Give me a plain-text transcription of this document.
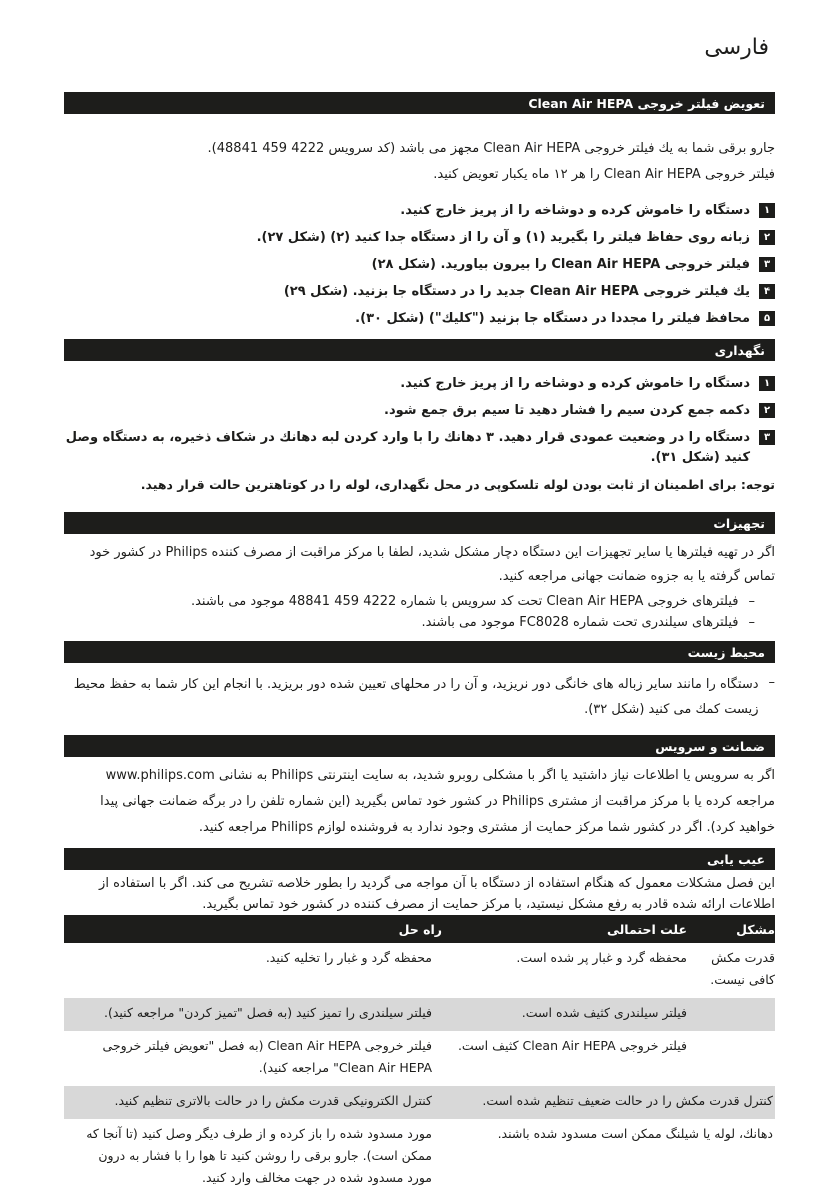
فارسی
تعویض فیلتر خروجی Clean Air HEPA

جارو برقی شما به یك فیلتر خروجی Clean Air HEPA مجهز می باشد (كد سرویس 4222 459 48841).

فیلتر خروجی Clean Air HEPA را هر ۱۲ ماه یكبار تعویض كنید.

۱
دستگاه را خاموش كرده و دوشاخه را از پریز خارج كنید.
۲
زبانه روی حفاظ فیلتر را بگیرید (۱) و آن را از دستگاه جدا كنید (۲) (شكل ۲۷).
۳
فیلتر خروجی Clean Air HEPA را بیرون بیاورید. (شكل ۲۸)
۴
یك فیلتر خروجی Clean Air HEPA جدید را در دستگاه جا بزنید. (شكل ۲۹)
۵
محافظ فیلتر را مجددا در دستگاه جا بزنید ("كلیك") (شكل ۳۰).
نگهداری
۱
دستگاه را خاموش كرده و دوشاخه را از پریز خارج كنید.
۲
دكمه جمع كردن سیم را فشار دهید تا سیم برق جمع شود.
۳
دستگاه را در وضعیت عمودی قرار دهید. ۳ دهانك را با وارد كردن لبه دهانك در شكاف ذخیره، به دستگاه وصل كنید (شكل ۳۱).

توجه: برای اطمینان از ثابت بودن لوله تلسكوپی در محل نگهداری، لوله را در كوتاهترین حالت قرار دهید.

تجهیزات

اگر در تهیه فیلترها یا سایر تجهیزات این دستگاه دچار مشكل شدید، لطفا با مركز مراقبت از مصرف كننده Philips در كشور خود تماس گرفته یا به جزوه ضمانت جهانی مراجعه كنید.

–
فیلترهای خروجی Clean Air HEPA تحت كد سرویس با شماره 4222 459 48841 موجود می باشند.
–
فیلترهای سیلندری تحت شماره FC8028 موجود می باشند.
محیط زیست
–
دستگاه را مانند سایر زباله های خانگی دور نریزید، و آن را در محلهای تعیین شده دور بریزید. با انجام این كار شما به حفظ محیط زیست كمك می كنید (شكل ۳۲).
ضمانت و سرویس

اگر به سرویس یا اطلاعات نیاز داشتید یا اگر با مشكلی روبرو شدید، به سایت اینترنتی Philips به نشانی www.philips.com مراجعه كرده یا با مركز مراقبت از مشتری Philips در كشور خود تماس بگیرید (این شماره تلفن را در برگه ضمانت جهانی پیدا خواهید كرد). اگر در كشور شما مركز حمایت از مشتری وجود ندارد به فروشنده لوازم Philips مراجعه كنید.

عیب یابی

این فصل مشكلات معمول كه هنگام استفاده از دستگاه با آن مواجه می گردید را بطور خلاصه تشریح می كند. اگر با استفاده از اطلاعات ارائه شده قادر به رفع مشكل نیستید، با مركز حمایت از مصرف كننده در كشور خود تماس بگیرید.

مشكل	علت احتمالی	راه حل
قدرت مكش كافی نیست.	محفظه گرد و غبار پر شده است.	محفظه گرد و غبار را تخلیه كنید.

	فیلتر سیلندری كثیف شده است.	فیلتر سیلندری را تمیز كنید (به فصل "تمیز كردن" مراجعه كنید).

	فیلتر خروجی Clean Air HEPA كثیف است.	فیلتر خروجی Clean Air HEPA (به فصل "تعویض فیلتر خروجی Clean Air HEPA" مراجعه كنید).

	كنترل قدرت مكش را در حالت ضعیف تنظیم شده است.	كنترل الكترونیكی قدرت مكش را در حالت بالاتری تنظیم كنید.

	دهانك، لوله یا شیلنگ ممكن است مسدود شده باشند.	مورد مسدود شده را باز كرده و از طرف دیگر وصل كنید (تا آنجا كه ممكن است). جارو برقی را روشن كنید تا هوا را با فشار به درون مورد مسدود شده در جهت مخالف وارد كنید.
